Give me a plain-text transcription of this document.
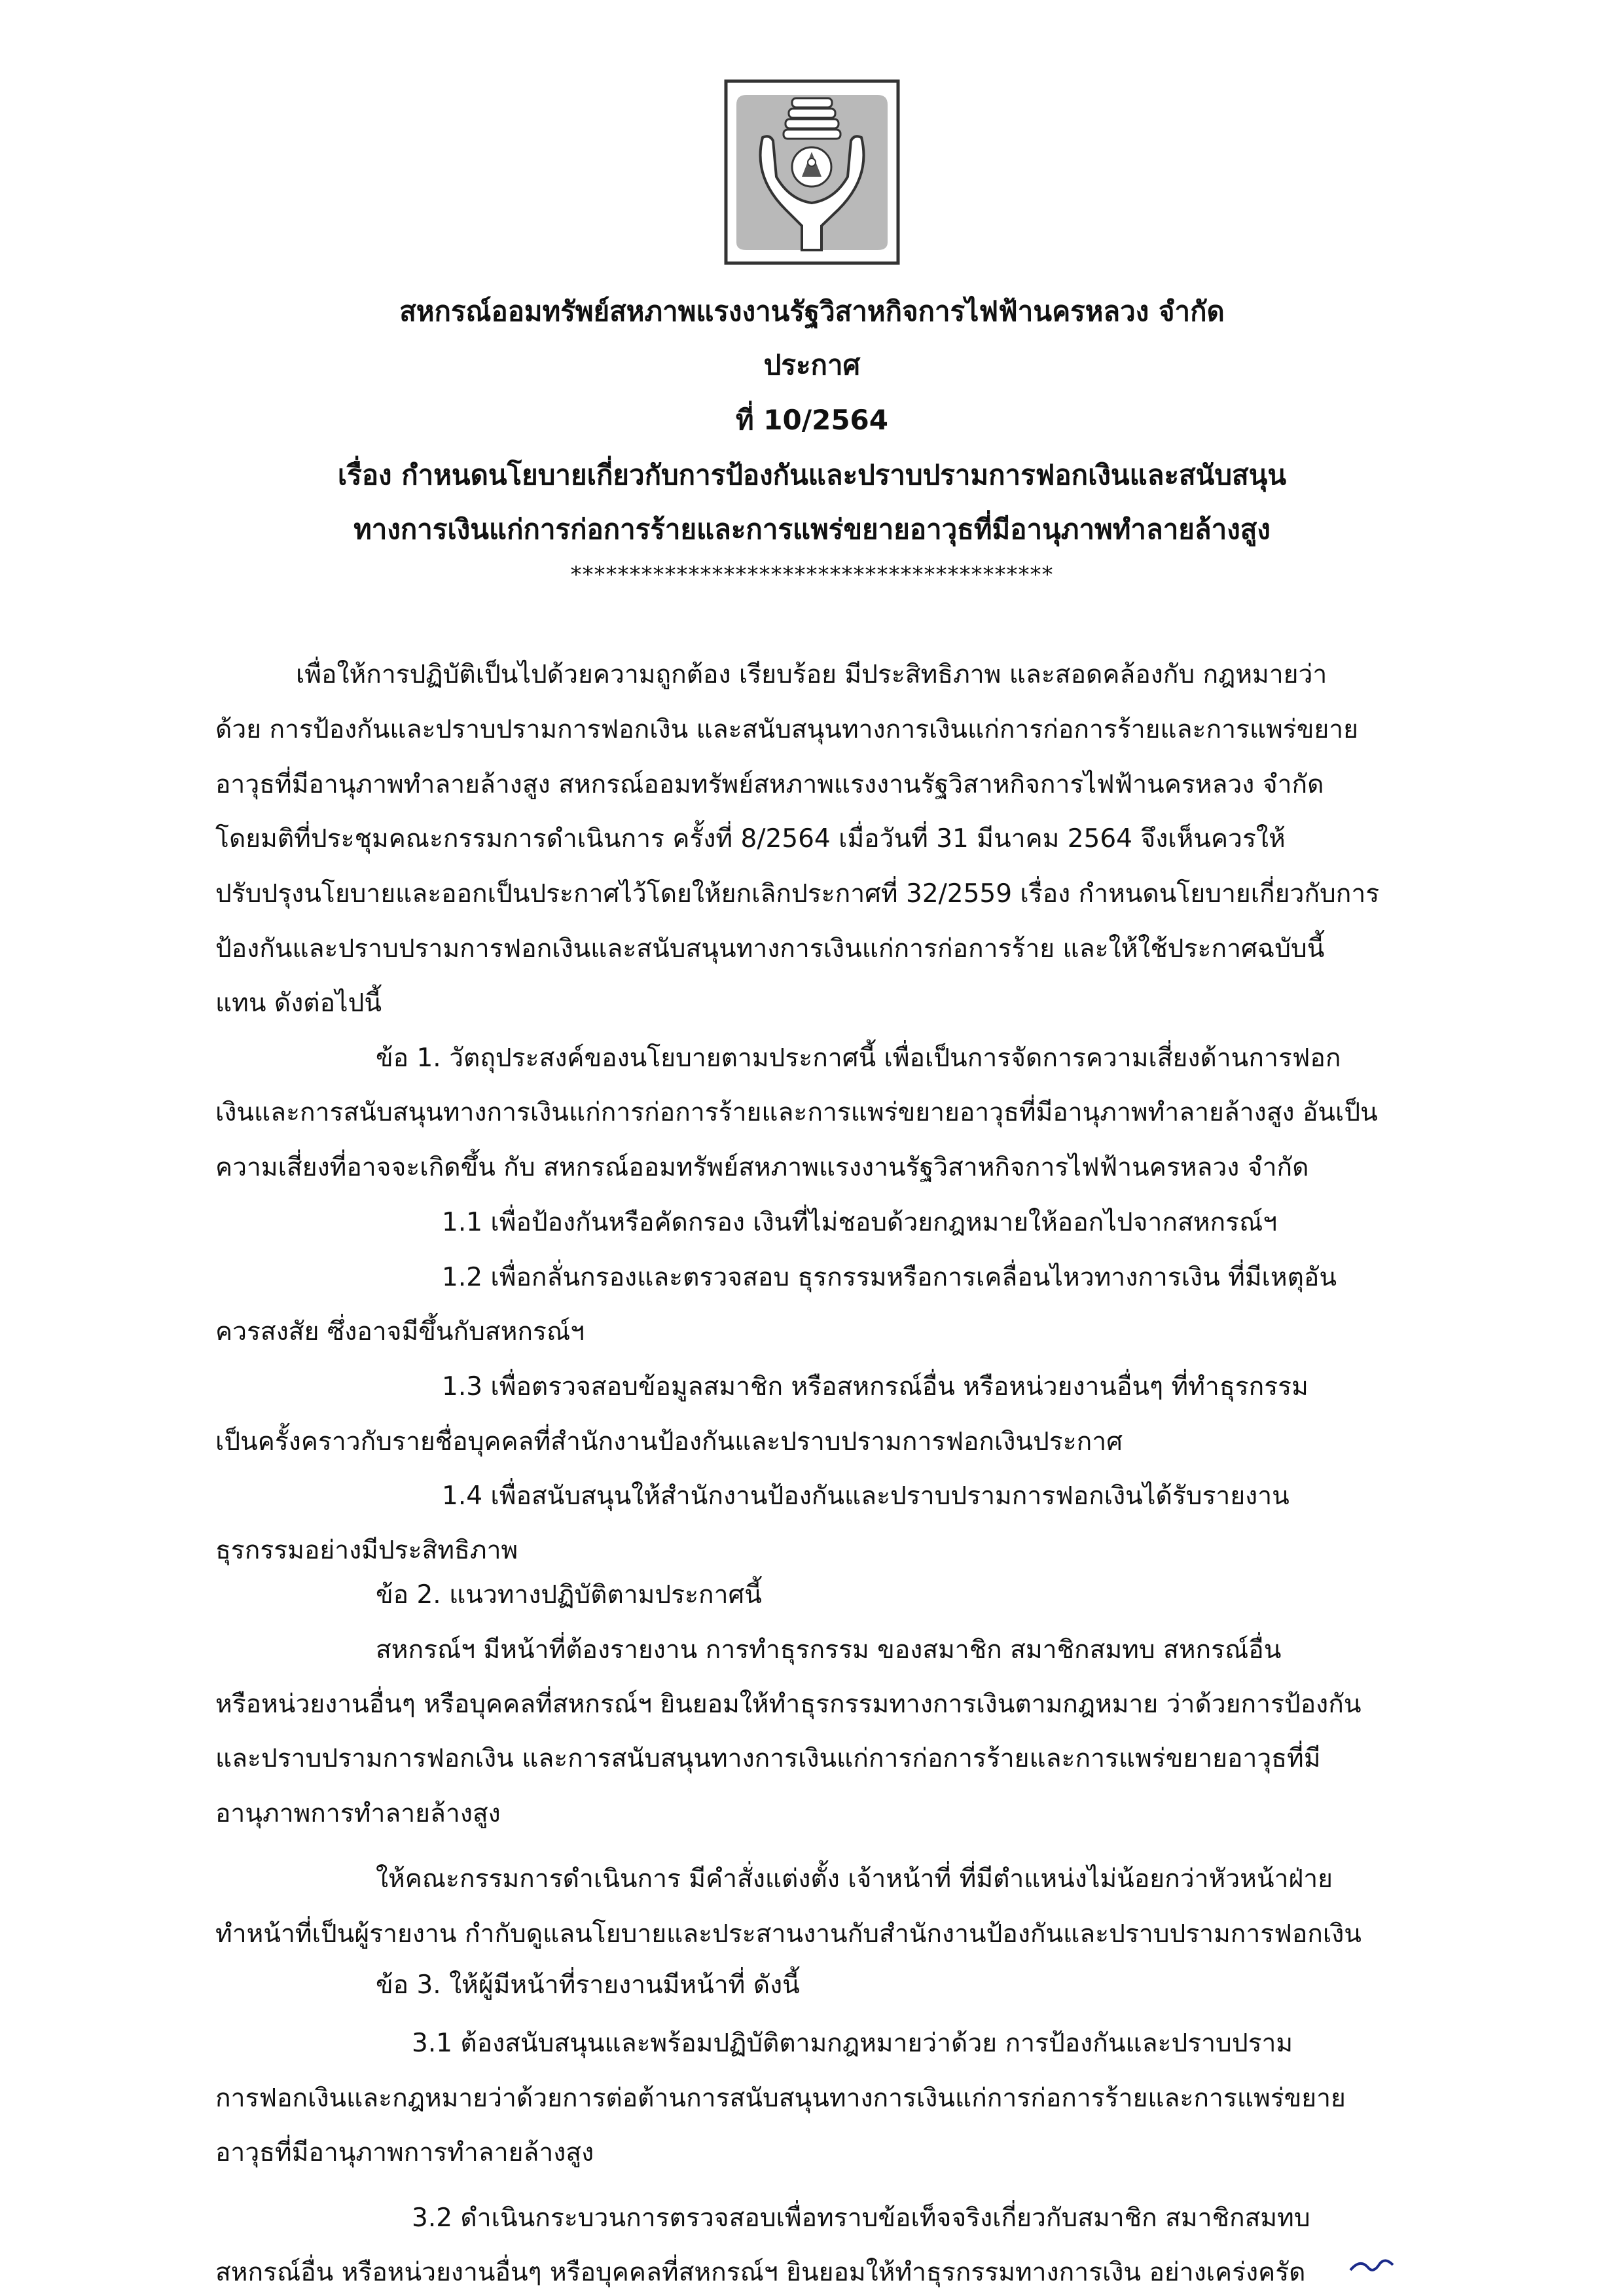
สหกรณ์ออมทรัพย์สหภาพแรงงานรัฐวิสาหกิจการไฟฟ้านครหลวง จำกัด
ประกาศ
ที่ 10/2564
เรื่อง กำหนดนโยบายเกี่ยวกับการป้องกันและปราบปรามการฟอกเงินและสนับสนุน
ทางการเงินแก่การก่อการร้ายและการแพร่ขยายอาวุธที่มีอานุภาพทำลายล้างสูง
*****************************************
เพื่อให้การปฏิบัติเป็นไปด้วยความถูกต้อง เรียบร้อย มีประสิทธิภาพ และสอดคล้องกับ กฎหมายว่า
ด้วย การป้องกันและปราบปรามการฟอกเงิน และสนับสนุนทางการเงินแก่การก่อการร้ายและการแพร่ขยาย
อาวุธที่มีอานุภาพทำลายล้างสูง สหกรณ์ออมทรัพย์สหภาพแรงงานรัฐวิสาหกิจการไฟฟ้านครหลวง จำกัด
โดยมติที่ประชุมคณะกรรมการดำเนินการ ครั้งที่ 8/2564 เมื่อวันที่ 31 มีนาคม 2564 จึงเห็นควรให้
ปรับปรุงนโยบายและออกเป็นประกาศไว้โดยให้ยกเลิกประกาศที่ 32/2559 เรื่อง กำหนดนโยบายเกี่ยวกับการ
ป้องกันและปราบปรามการฟอกเงินและสนับสนุนทางการเงินแก่การก่อการร้าย และให้ใช้ประกาศฉบับนี้
แทน ดังต่อไปนี้
ข้อ 1. วัตถุประสงค์ของนโยบายตามประกาศนี้ เพื่อเป็นการจัดการความเสี่ยงด้านการฟอก
เงินและการสนับสนุนทางการเงินแก่การก่อการร้ายและการแพร่ขยายอาวุธที่มีอานุภาพทำลายล้างสูง อันเป็น
ความเสี่ยงที่อาจจะเกิดขึ้น กับ สหกรณ์ออมทรัพย์สหภาพแรงงานรัฐวิสาหกิจการไฟฟ้านครหลวง จำกัด
1.1 เพื่อป้องกันหรือคัดกรอง เงินที่ไม่ชอบด้วยกฎหมายให้ออกไปจากสหกรณ์ฯ
1.2 เพื่อกลั่นกรองและตรวจสอบ ธุรกรรมหรือการเคลื่อนไหวทางการเงิน ที่มีเหตุอัน
ควรสงสัย ซึ่งอาจมีขึ้นกับสหกรณ์ฯ
1.3 เพื่อตรวจสอบข้อมูลสมาชิก หรือสหกรณ์อื่น หรือหน่วยงานอื่นๆ ที่ทำธุรกรรม
เป็นครั้งคราวกับรายชื่อบุคคลที่สำนักงานป้องกันและปราบปรามการฟอกเงินประกาศ
1.4 เพื่อสนับสนุนให้สำนักงานป้องกันและปราบปรามการฟอกเงินได้รับรายงาน
ธุรกรรมอย่างมีประสิทธิภาพ
ข้อ 2. แนวทางปฏิบัติตามประกาศนี้
สหกรณ์ฯ มีหน้าที่ต้องรายงาน การทำธุรกรรม ของสมาชิก สมาชิกสมทบ สหกรณ์อื่น
หรือหน่วยงานอื่นๆ หรือบุคคลที่สหกรณ์ฯ ยินยอมให้ทำธุรกรรมทางการเงินตามกฎหมาย ว่าด้วยการป้องกัน
และปราบปรามการฟอกเงิน และการสนับสนุนทางการเงินแก่การก่อการร้ายและการแพร่ขยายอาวุธที่มี
อานุภาพการทำลายล้างสูง
ให้คณะกรรมการดำเนินการ มีคำสั่งแต่งตั้ง เจ้าหน้าที่ ที่มีตำแหน่งไม่น้อยกว่าหัวหน้าฝ่าย
ทำหน้าที่เป็นผู้รายงาน กำกับดูแลนโยบายและประสานงานกับสำนักงานป้องกันและปราบปรามการฟอกเงิน
ข้อ 3. ให้ผู้มีหน้าที่รายงานมีหน้าที่ ดังนี้
3.1 ต้องสนับสนุนและพร้อมปฏิบัติตามกฎหมายว่าด้วย การป้องกันและปราบปราม
การฟอกเงินและกฎหมายว่าด้วยการต่อต้านการสนับสนุนทางการเงินแก่การก่อการร้ายและการแพร่ขยาย
อาวุธที่มีอานุภาพการทำลายล้างสูง
3.2 ดำเนินกระบวนการตรวจสอบเพื่อทราบข้อเท็จจริงเกี่ยวกับสมาชิก สมาชิกสมทบ
สหกรณ์อื่น หรือหน่วยงานอื่นๆ หรือบุคคลที่สหกรณ์ฯ ยินยอมให้ทำธุรกรรมทางการเงิน อย่างเคร่งครัด
